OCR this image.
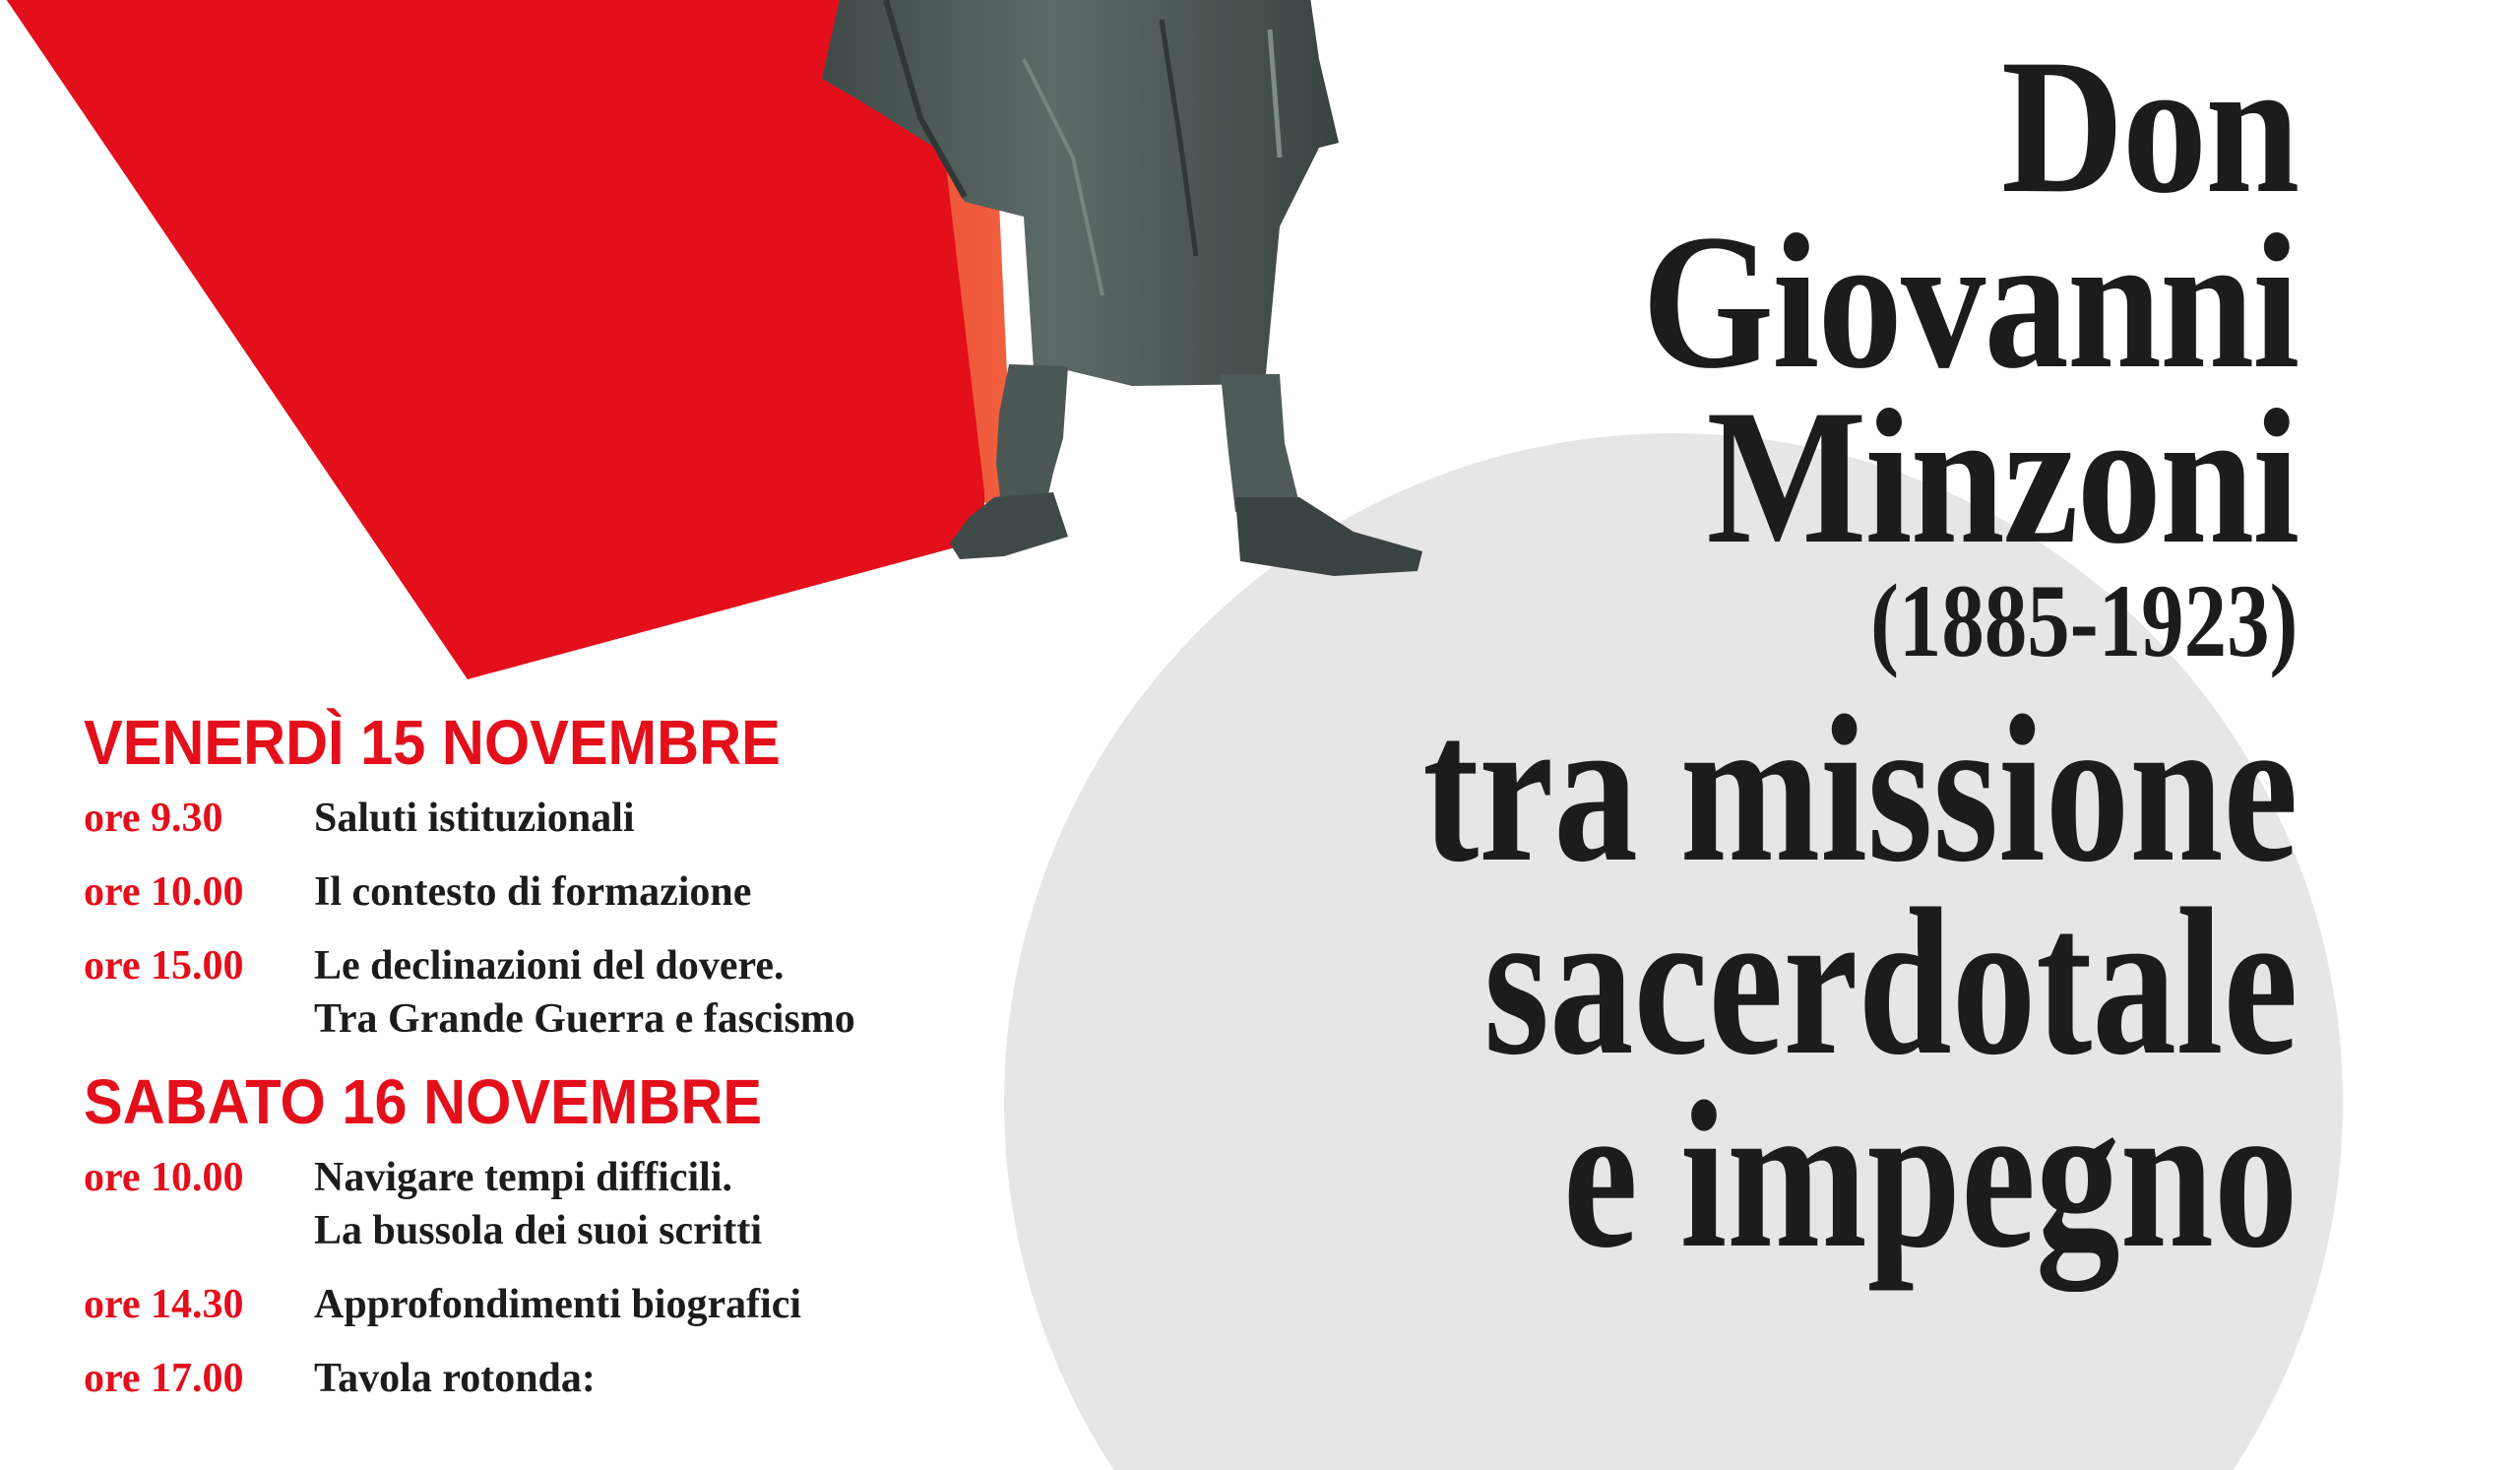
Don
Giovanni
Minzoni
(1885-1923)
tra missione
sacerdotale
e impegno
VENERDÌ 15 NOVEMBRE
ore 9.30	Saluti istituzionali
ore 10.00	Il contesto di formazione
ore 15.00	Le declinazioni del dovere.
Tra Grande Guerra e fascismo
SABATO 16 NOVEMBRE
ore 10.00	Navigare tempi difficili.
La bussola dei suoi scritti
ore 14.30	Approfondimenti biografici
ore 17.00	Tavola rotonda:
